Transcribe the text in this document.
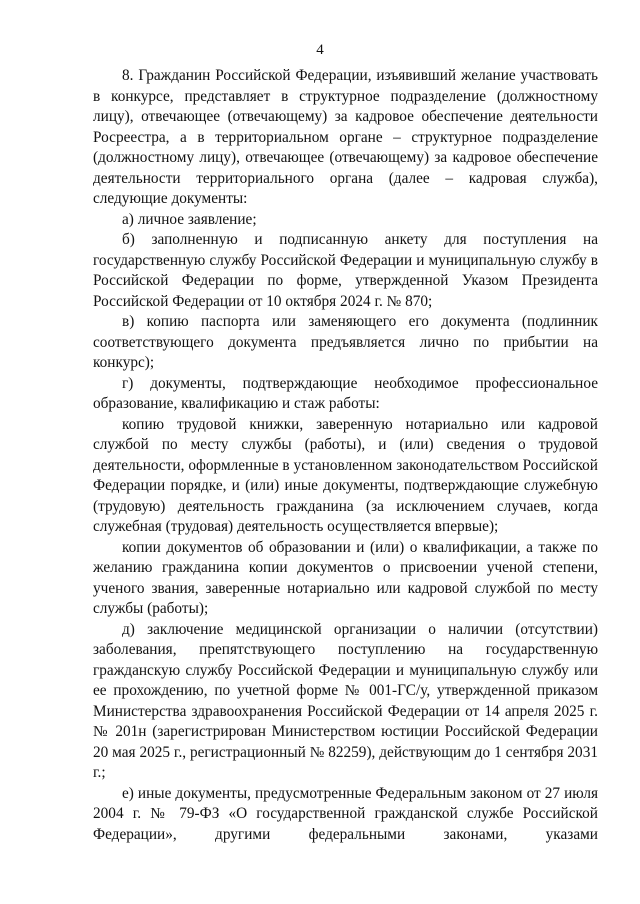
4

8. Гражданин Российской Федерации, изъявивший желание участвовать в конкурсе, представляет в структурное подразделение (должностному лицу), отвечающее (отвечающему) за кадровое обеспечение деятельности Росреестра, а в территориальном органе – структурное подразделение (должностному лицу), отвечающее (отвечающему) за кадровое обеспечение деятельности территориального органа (далее – кадровая служба), следующие документы:

а) личное заявление;

б) заполненную и подписанную анкету для поступления на государственную службу Российской Федерации и муниципальную службу в Российской Федерации по форме, утвержденной Указом Президента Российской Федерации от 10 октября 2024 г. № 870;

в) копию паспорта или заменяющего его документа (подлинник соответствующего документа предъявляется лично по прибытии на конкурс);

г) документы, подтверждающие необходимое профессиональное образование, квалификацию и стаж работы:

копию трудовой книжки, заверенную нотариально или кадровой службой по месту службы (работы), и (или) сведения о трудовой деятельности, оформленные в установленном законодательством Российской Федерации порядке, и (или) иные документы, подтверждающие служебную (трудовую) деятельность гражданина (за исключением случаев, когда служебная (трудовая) деятельность осуществляется впервые);

копии документов об образовании и (или) о квалификации, а также по желанию гражданина копии документов о присвоении ученой степени, ученого звания, заверенные нотариально или кадровой службой по месту службы (работы);

д) заключение медицинской организации о наличии (отсутствии) заболевания, препятствующего поступлению на государственную гражданскую службу Российской Федерации и муниципальную службу или ее прохождению, по учетной форме № 001-ГС/у, утвержденной приказом Министерства здравоохранения Российской Федерации от 14 апреля 2025 г. № 201н (зарегистрирован Министерством юстиции Российской Федерации 20 мая 2025 г., регистрационный № 82259), действующим до 1 сентября 2031 г.;

е) иные документы, предусмотренные Федеральным законом от 27 июля 2004 г. № 79-ФЗ «О государственной гражданской службе Российской Федерации», другими федеральными законами, указами
